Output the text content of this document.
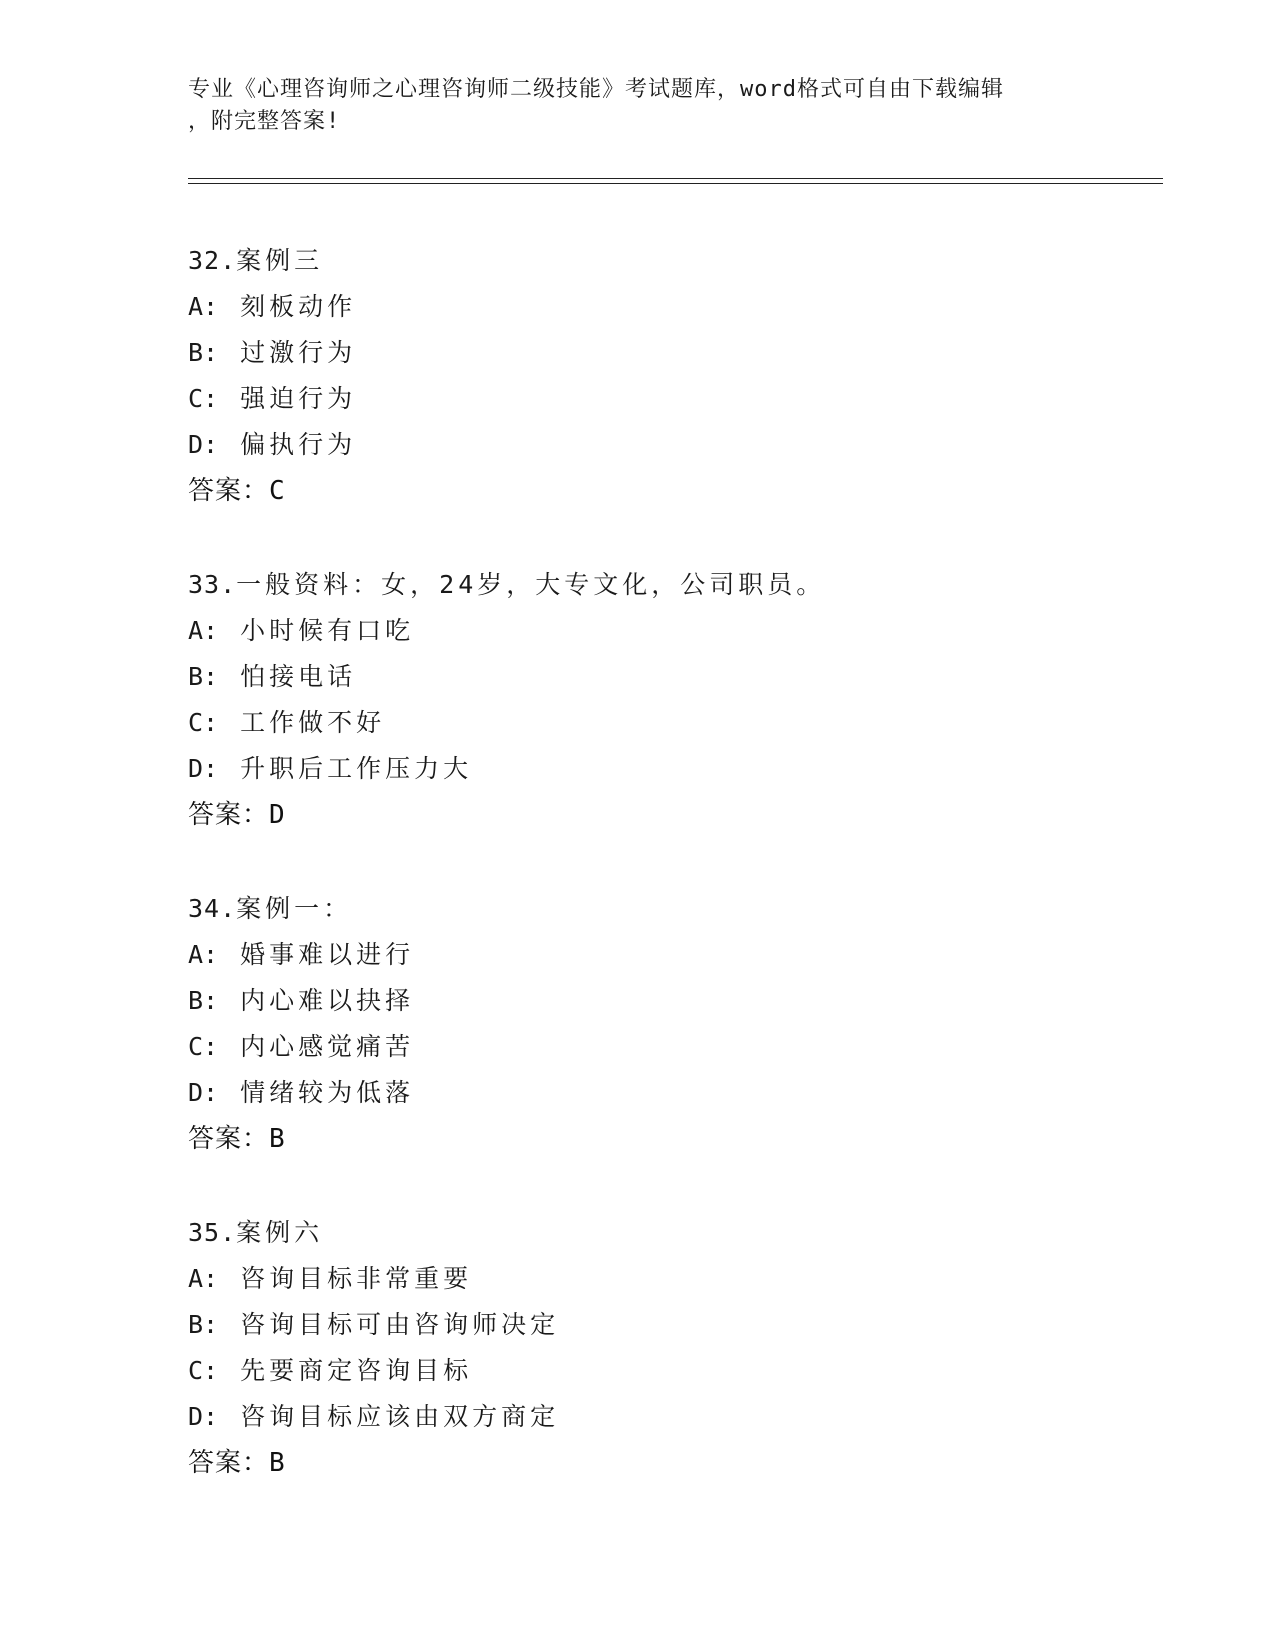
专业《心理咨询师之心理咨询师二级技能》考试题库，word格式可自由下载编辑
，附完整答案!
32.案例三
A: 刻板动作
B: 过激行为
C: 强迫行为
D: 偏执行为
答案：C
33.一般资料：女，24岁，大专文化，公司职员。
A: 小时候有口吃
B: 怕接电话
C: 工作做不好
D: 升职后工作压力大
答案：D
34.案例一：
A: 婚事难以进行
B: 内心难以抉择
C: 内心感觉痛苦
D: 情绪较为低落
答案：B
35.案例六
A: 咨询目标非常重要
B: 咨询目标可由咨询师决定
C: 先要商定咨询目标
D: 咨询目标应该由双方商定
答案：B
